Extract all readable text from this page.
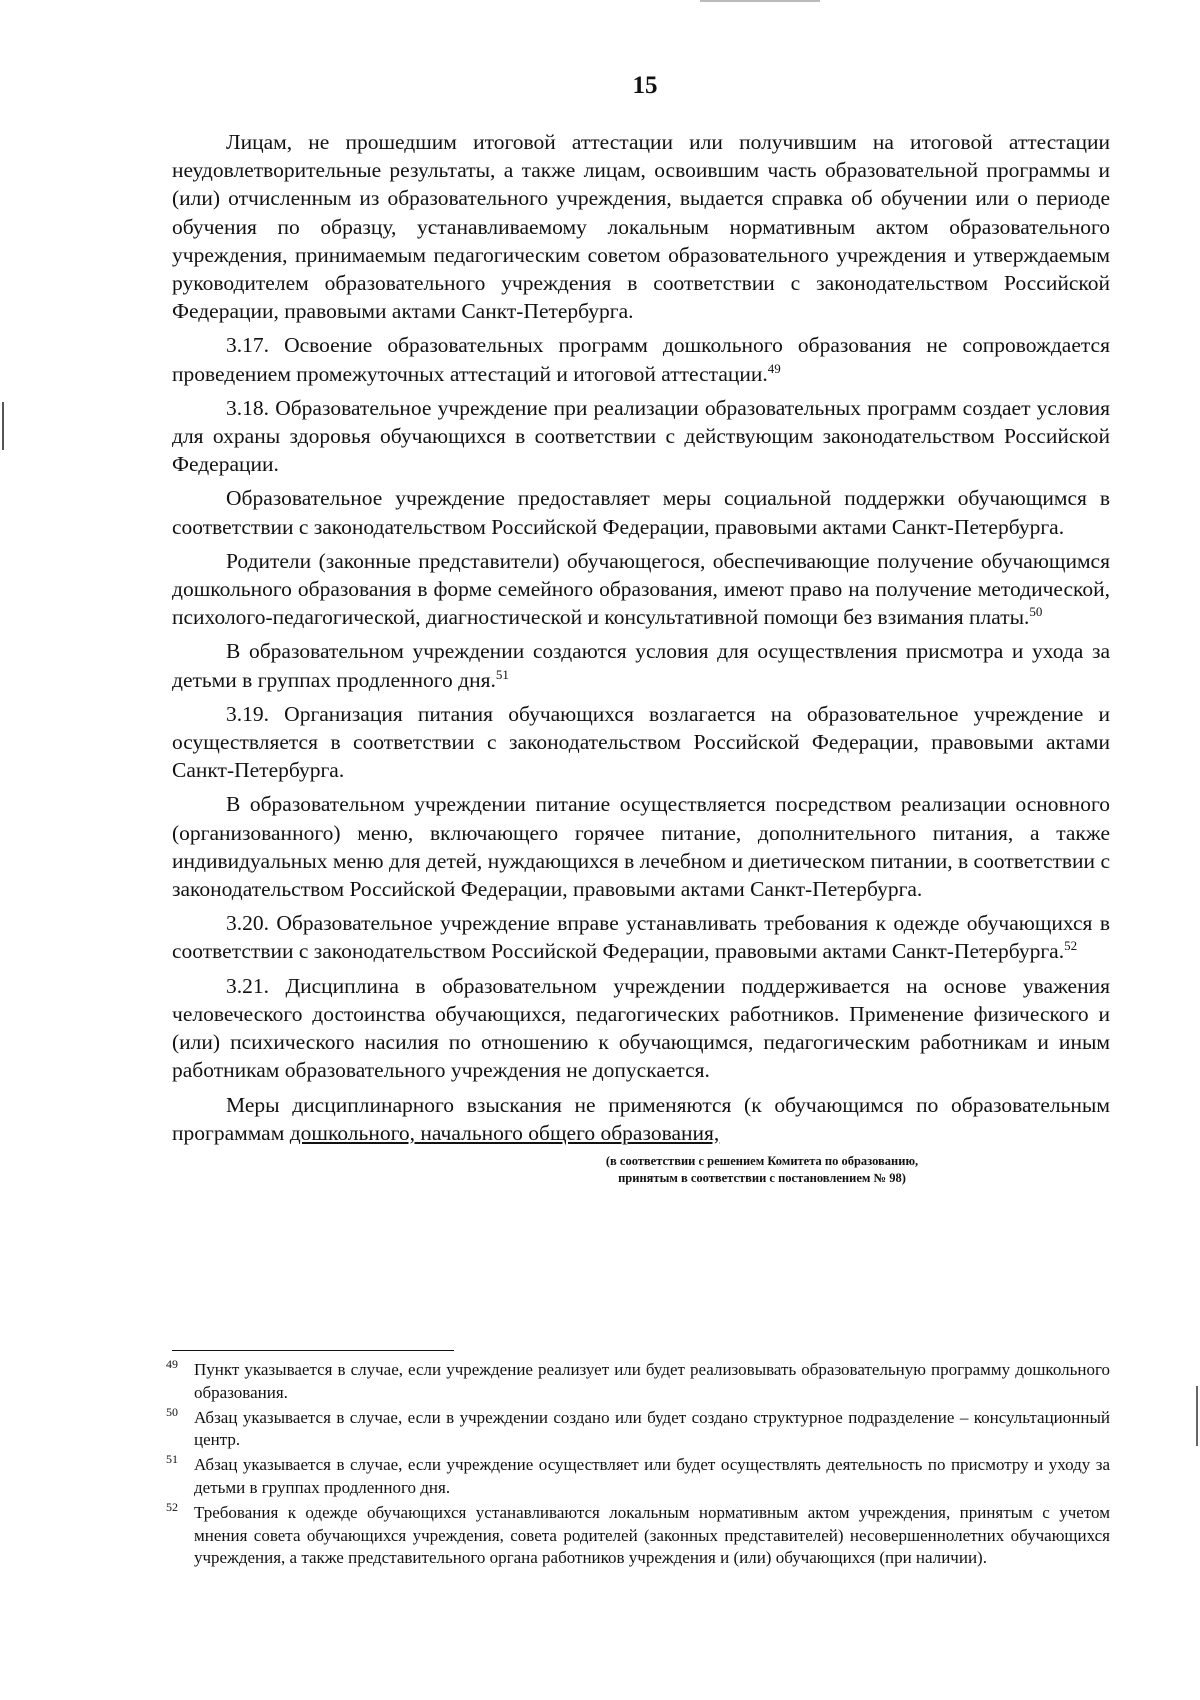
15

Лицам, не прошедшим итоговой аттестации или получившим на итоговой аттестации неудовлетворительные результаты, а также лицам, освоившим часть образовательной программы и (или) отчисленным из образовательного учреждения, выдается справка об обучении или о периоде обучения по образцу, устанавливаемому локальным нормативным актом образовательного учреждения, принимаемым педагогическим советом образовательного учреждения и утверждаемым руководителем образовательного учреждения в соответствии с законодательством Российской Федерации, правовыми актами Санкт-Петербурга.

3.17. Освоение образовательных программ дошкольного образования не сопровождается проведением промежуточных аттестаций и итоговой аттестации.$^{49}$

3.18. Образовательное учреждение при реализации образовательных программ создает условия для охраны здоровья обучающихся в соответствии с действующим законодательством Российской Федерации.

Образовательное учреждение предоставляет меры социальной поддержки обучающимся в соответствии с законодательством Российской Федерации, правовыми актами Санкт-Петербурга.

Родители (законные представители) обучающегося, обеспечивающие получение обучающимся дошкольного образования в форме семейного образования, имеют право на получение методической, психолого-педагогической, диагностической и консультативной помощи без взимания платы.$^{50}$

В образовательном учреждении создаются условия для осуществления присмотра и ухода за детьми в группах продленного дня.$^{51}$

3.19. Организация питания обучающихся возлагается на образовательное учреждение и осуществляется в соответствии с законодательством Российской Федерации, правовыми актами Санкт-Петербурга.

В образовательном учреждении питание осуществляется посредством реализации основного (организованного) меню, включающего горячее питание, дополнительного питания, а также индивидуальных меню для детей, нуждающихся в лечебном и диетическом питании, в соответствии с законодательством Российской Федерации, правовыми актами Санкт-Петербурга.

3.20. Образовательное учреждение вправе устанавливать требования к одежде обучающихся в соответствии с законодательством Российской Федерации, правовыми актами Санкт-Петербурга.$^{52}$

3.21. Дисциплина в образовательном учреждении поддерживается на основе уважения человеческого достоинства обучающихся, педагогических работников. Применение физического и (или) психического насилия по отношению к обучающимся, педагогическим работникам и иным работникам образовательного учреждения не допускается.

Меры дисциплинарного взыскания не применяются (к обучающимся по образовательным программам дошкольного, начального общего образования,

(в соответствии с решением Комитета по образованию,
принятым в соответствии с постановлением № 98)
49 Пункт указывается в случае, если учреждение реализует или будет реализовывать образовательную программу дошкольного образования.
50 Абзац указывается в случае, если в учреждении создано или будет создано структурное подразделение – консультационный центр.
51 Абзац указывается в случае, если учреждение осуществляет или будет осуществлять деятельность по присмотру и уходу за детьми в группах продленного дня.
52 Требования к одежде обучающихся устанавливаются локальным нормативным актом учреждения, принятым с учетом мнения совета обучающихся учреждения, совета родителей (законных представителей) несовершеннолетних обучающихся учреждения, а также представительного органа работников учреждения и (или) обучающихся (при наличии).
